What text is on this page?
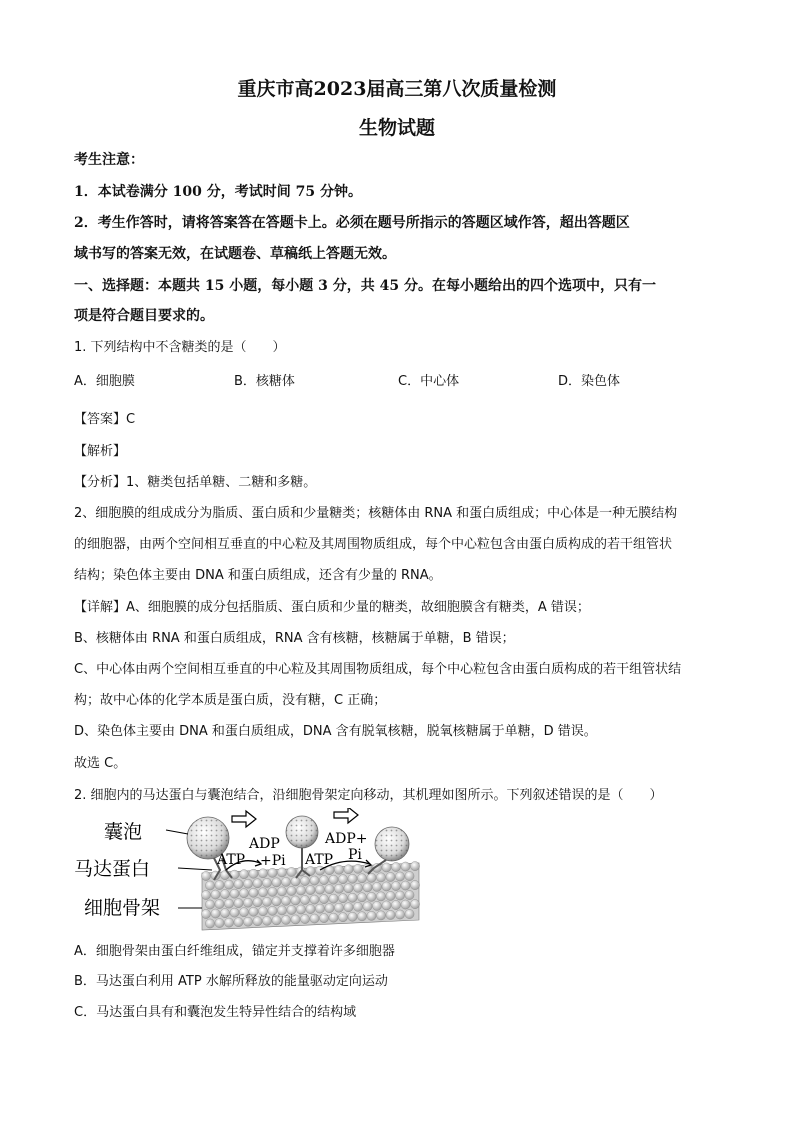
重庆市高2023届高三第八次质量检测
生物试题
考生注意：
1．本试卷满分 100 分，考试时间 75 分钟。
2．考生作答时，请将答案答在答题卡上。必须在题号所指示的答题区域作答，超出答题区
域书写的答案无效，在试题卷、草稿纸上答题无效。
一、选择题：本题共 15 小题，每小题 3 分，共 45 分。在每小题给出的四个选项中，只有一
项是符合题目要求的。
1. 下列结构中不含糖类的是（　　）
A．细胞膜	B．核糖体	C．中心体	D．染色体
【答案】C
【解析】
【分析】1、糖类包括单糖、二糖和多糖。
2、细胞膜的组成成分为脂质、蛋白质和少量糖类；核糖体由 RNA 和蛋白质组成；中心体是一种无膜结构
的细胞器，由两个空间相互垂直的中心粒及其周围物质组成，每个中心粒包含由蛋白质构成的若干组管状
结构；染色体主要由 DNA 和蛋白质组成，还含有少量的 RNA。
【详解】A、细胞膜的成分包括脂质、蛋白质和少量的糖类，故细胞膜含有糖类，A 错误；
B、核糖体由 RNA 和蛋白质组成，RNA 含有核糖，核糖属于单糖，B 错误；
C、中心体由两个空间相互垂直的中心粒及其周围物质组成，每个中心粒包含由蛋白质构成的若干组管状结
构；故中心体的化学本质是蛋白质，没有糖，C 正确；
D、染色体主要由 DNA 和蛋白质组成，DNA 含有脱氧核糖，脱氧核糖属于单糖，D 错误。
故选 C。
2. 细胞内的马达蛋白与囊泡结合，沿细胞骨架定向移动，其机理如图所示。下列叙述错误的是（　　）
囊泡
马达蛋白
细胞骨架
ATP
ADP
+Pi ATP
ADP+
Pi
A．细胞骨架由蛋白纤维组成，锚定并支撑着许多细胞器
B．马达蛋白利用 ATP 水解所释放的能量驱动定向运动
C．马达蛋白具有和囊泡发生特异性结合的结构域
